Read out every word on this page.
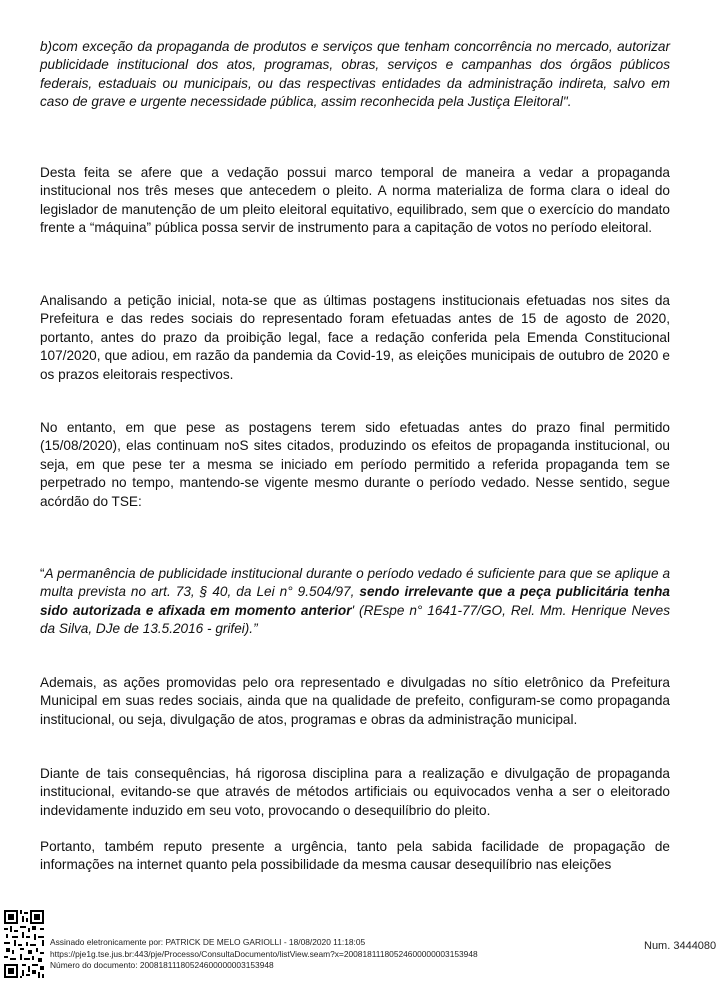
b)com exceção da propaganda de produtos e serviços que tenham concorrência no mercado, autorizar publicidade institucional dos atos, programas, obras, serviços e campanhas dos órgãos públicos federais, estaduais ou municipais, ou das respectivas entidades da administração indireta, salvo em caso de grave e urgente necessidade pública, assim reconhecida pela Justiça Eleitoral".

Desta feita se afere que a vedação possui marco temporal de maneira a vedar a propaganda institucional nos três meses que antecedem o pleito. A norma materializa de forma clara o ideal do legislador de manutenção de um pleito eleitoral equitativo, equilibrado, sem que o exercício do mandato frente a “máquina” pública possa servir de instrumento para a capitação de votos no período eleitoral.

Analisando a petição inicial, nota-se que as últimas postagens institucionais efetuadas nos sites da Prefeitura e das redes sociais do representado foram efetuadas antes de 15 de agosto de 2020, portanto, antes do prazo da proibição legal, face a redação conferida pela Emenda Constitucional 107/2020, que adiou, em razão da pandemia da Covid-19, as eleições municipais de outubro de 2020 e os prazos eleitorais respectivos.

No entanto, em que pese as postagens terem sido efetuadas antes do prazo final permitido (15/08/2020), elas continuam noS sites citados, produzindo os efeitos de propaganda institucional, ou seja, em que pese ter a mesma se iniciado em período permitido a referida propaganda tem se perpetrado no tempo, mantendo-se vigente mesmo durante o período vedado. Nesse sentido, segue acórdão do TSE:

“A permanência de publicidade institucional durante o período vedado é suficiente para que se aplique a multa prevista no art. 73, § 40, da Lei n° 9.504/97, sendo irrelevante que a peça publicitária tenha sido autorizada e afixada em momento anterior' (REspe n° 1641-77/GO, Rel. Mm. Henrique Neves da Silva, DJe de 13.5.2016 - grifei).”

Ademais, as ações promovidas pelo ora representado e divulgadas no sítio eletrônico da Prefeitura Municipal em suas redes sociais, ainda que na qualidade de prefeito, configuram-se como propaganda institucional, ou seja, divulgação de atos, programas e obras da administração municipal.

Diante de tais consequências, há rigorosa disciplina para a realização e divulgação de propaganda institucional, evitando-se que através de métodos artificiais ou equivocados venha a ser o eleitorado indevidamente induzido em seu voto, provocando o desequilíbrio do pleito.

Portanto, também reputo presente a urgência, tanto pela sabida facilidade de propagação de informações na internet quanto pela possibilidade da mesma causar desequilíbrio nas eleições

Assinado eletronicamente por: PATRICK DE MELO GARIOLLI - 18/08/2020 11:18:05
https://pje1g.tse.jus.br:443/pje/Processo/ConsultaDocumento/listView.seam?x=20081811180524600000003153948
Número do documento: 20081811180524600000003153948
Num. 3444080
